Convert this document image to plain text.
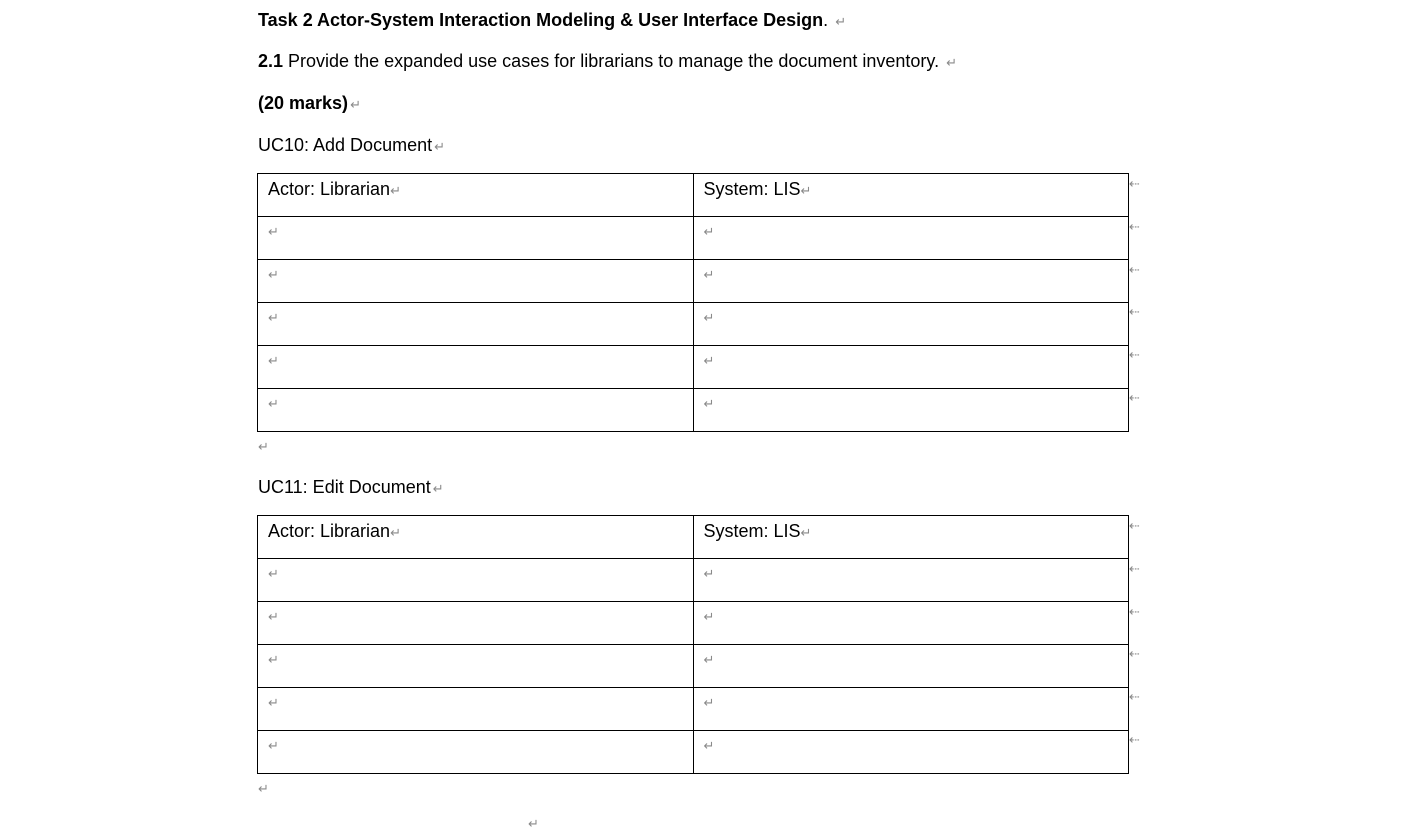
Task 2 Actor-System Interaction Modeling & User Interface Design. ↵
2.1 Provide the expanded use cases for librarians to manage the document inventory. ↵
(20 marks) ↵
UC10: Add Document ↵
Actor: Librarian↵	System: LIS↵
↵	↵
↵	↵
↵	↵
↵	↵
↵	↵
⇠
⇠
⇠
⇠
⇠
⇠
↵
UC11: Edit Document ↵
Actor: Librarian↵	System: LIS↵
↵	↵
↵	↵
↵	↵
↵	↵
↵	↵
⇠
⇠
⇠
⇠
⇠
⇠
↵
↵
